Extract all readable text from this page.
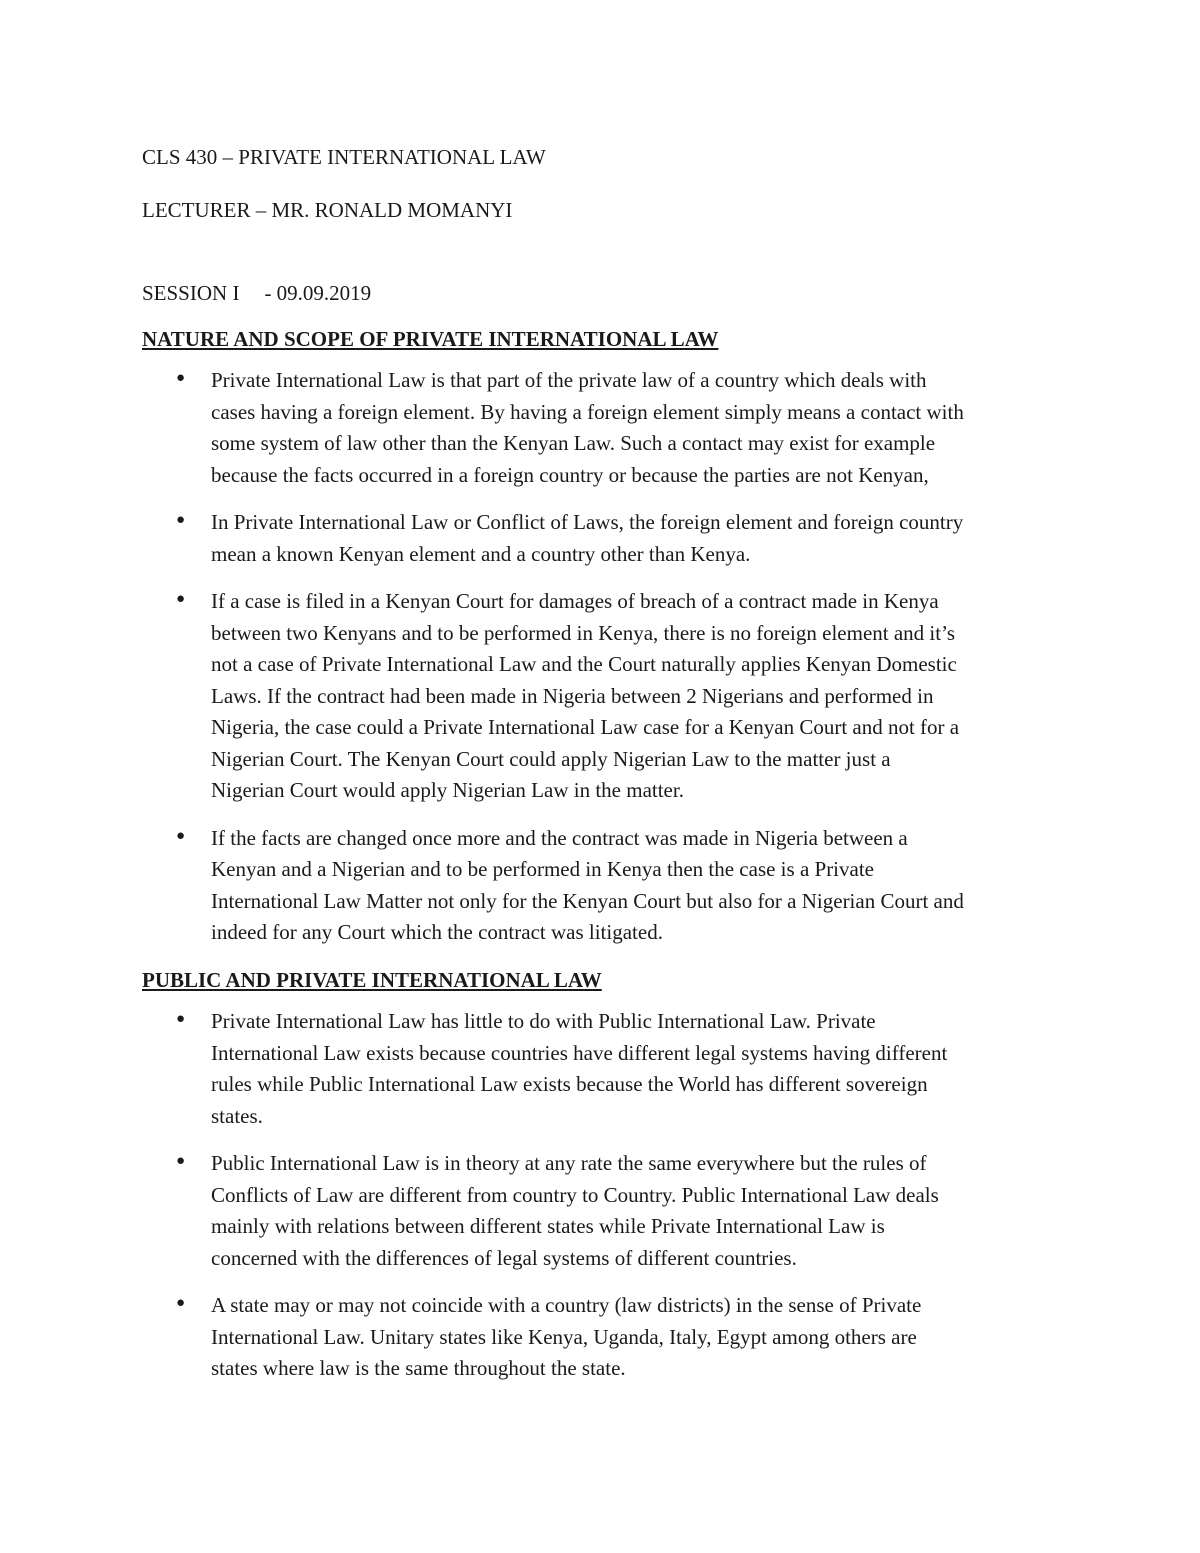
CLS 430 – PRIVATE INTERNATIONAL LAW

LECTURER – MR. RONALD MOMANYI

SESSION I - 09.09.2019

NATURE AND SCOPE OF PRIVATE INTERNATIONAL LAW

● Private International Law is that part of the private law of a country which deals with
cases having a foreign element. By having a foreign element simply means a contact with
some system of law other than the Kenyan Law. Such a contact may exist for example
because the facts occurred in a foreign country or because the parties are not Kenyan,
● In Private International Law or Conflict of Laws, the foreign element and foreign country
mean a known Kenyan element and a country other than Kenya.
● If a case is filed in a Kenyan Court for damages of breach of a contract made in Kenya
between two Kenyans and to be performed in Kenya, there is no foreign element and it’s
not a case of Private International Law and the Court naturally applies Kenyan Domestic
Laws. If the contract had been made in Nigeria between 2 Nigerians and performed in
Nigeria, the case could a Private International Law case for a Kenyan Court and not for a
Nigerian Court. The Kenyan Court could apply Nigerian Law to the matter just a
Nigerian Court would apply Nigerian Law in the matter.
● If the facts are changed once more and the contract was made in Nigeria between a
Kenyan and a Nigerian and to be performed in Kenya then the case is a Private
International Law Matter not only for the Kenyan Court but also for a Nigerian Court and
indeed for any Court which the contract was litigated.

PUBLIC AND PRIVATE INTERNATIONAL LAW

● Private International Law has little to do with Public International Law. Private
International Law exists because countries have different legal systems having different
rules while Public International Law exists because the World has different sovereign
states.
● Public International Law is in theory at any rate the same everywhere but the rules of
Conflicts of Law are different from country to Country. Public International Law deals
mainly with relations between different states while Private International Law is
concerned with the differences of legal systems of different countries.
● A state may or may not coincide with a country (law districts) in the sense of Private
International Law. Unitary states like Kenya, Uganda, Italy, Egypt among others are
states where law is the same throughout the state.
